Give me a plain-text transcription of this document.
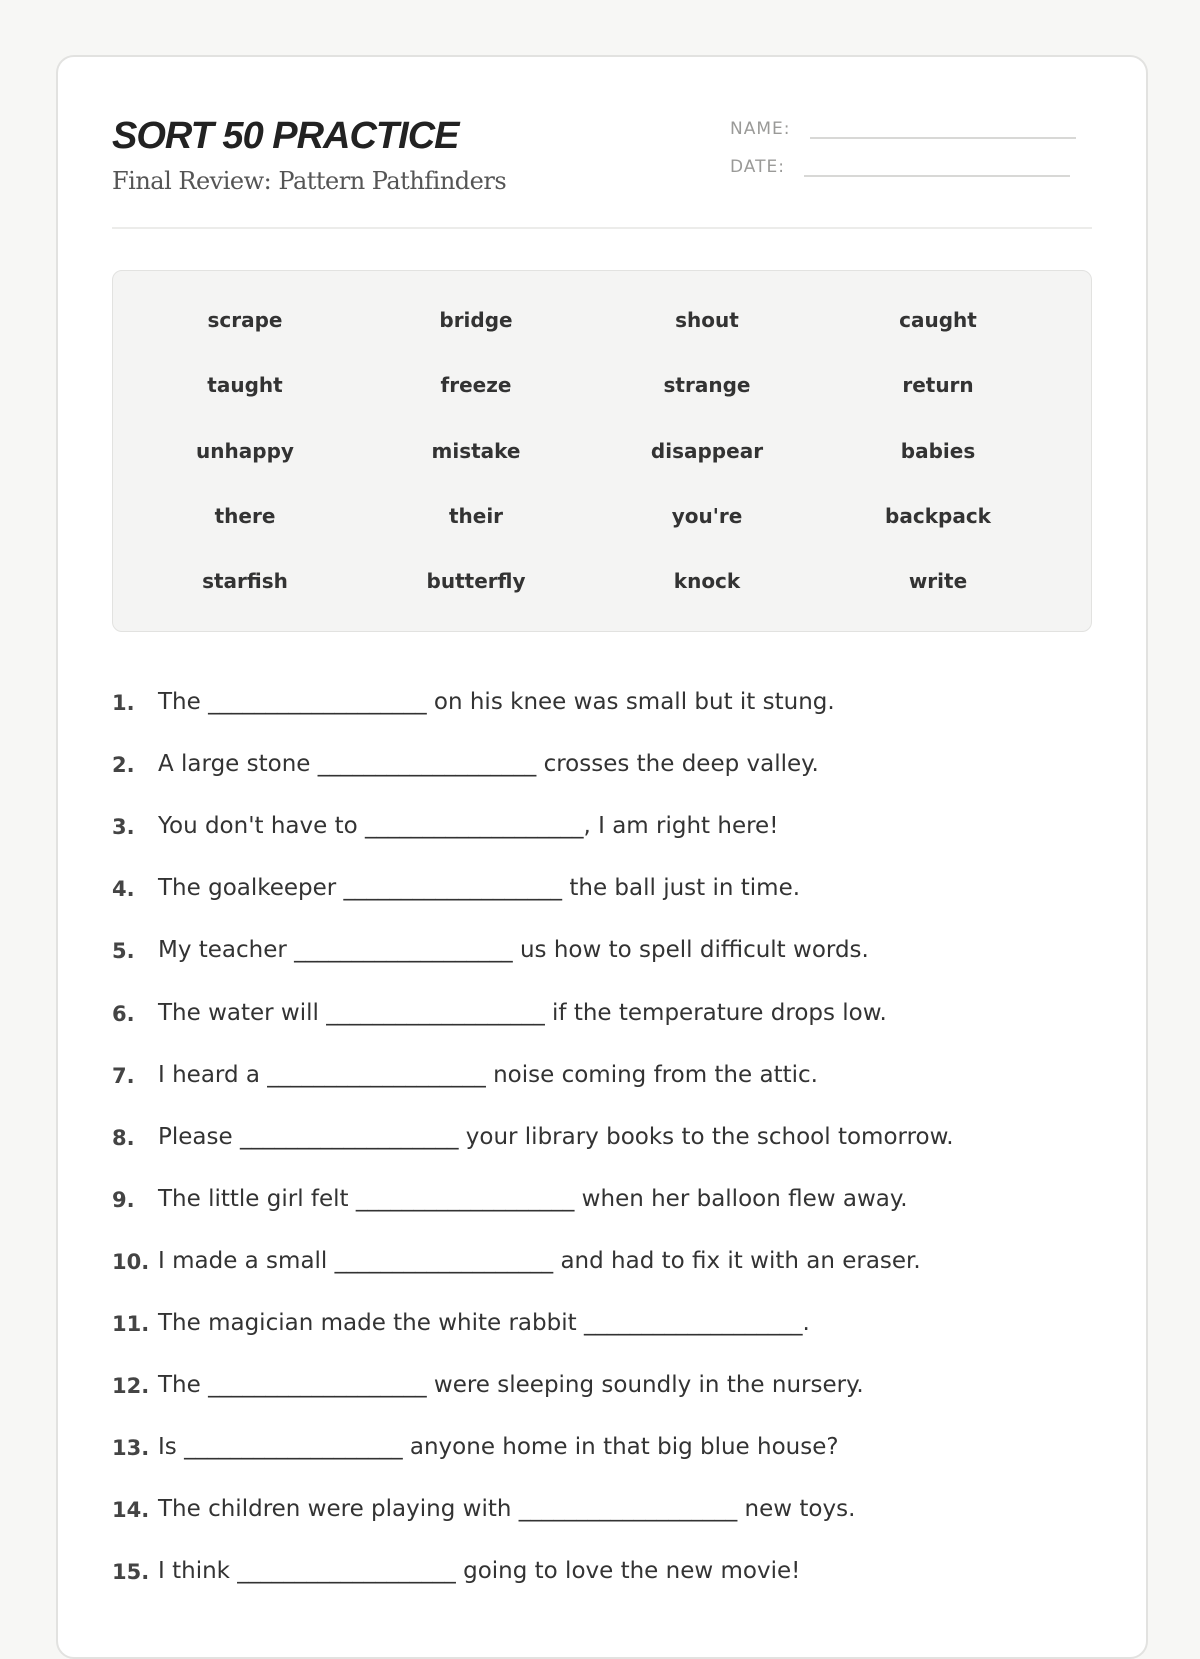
SORT 50 PRACTICE
Final Review: Pattern Pathfinders
NAME:
DATE:
scrape	bridge	shout	caught
taught	freeze	strange	return
unhappy	mistake	disappear	babies
there	their	you're	backpack
starfish	butterfly	knock	write
1.	The ___________________ on his knee was small but it stung.
2.	A large stone ___________________ crosses the deep valley.
3.	You don't have to ___________________, I am right here!
4.	The goalkeeper ___________________ the ball just in time.
5.	My teacher ___________________ us how to spell difficult words.
6.	The water will ___________________ if the temperature drops low.
7.	I heard a ___________________ noise coming from the attic.
8.	Please ___________________ your library books to the school tomorrow.
9.	The little girl felt ___________________ when her balloon flew away.
10. I made a small ___________________ and had to fix it with an eraser.
11. The magician made the white rabbit ___________________.
12. The ___________________ were sleeping soundly in the nursery.
13. Is ___________________ anyone home in that big blue house?
14. The children were playing with ___________________ new toys.
15. I think ___________________ going to love the new movie!
